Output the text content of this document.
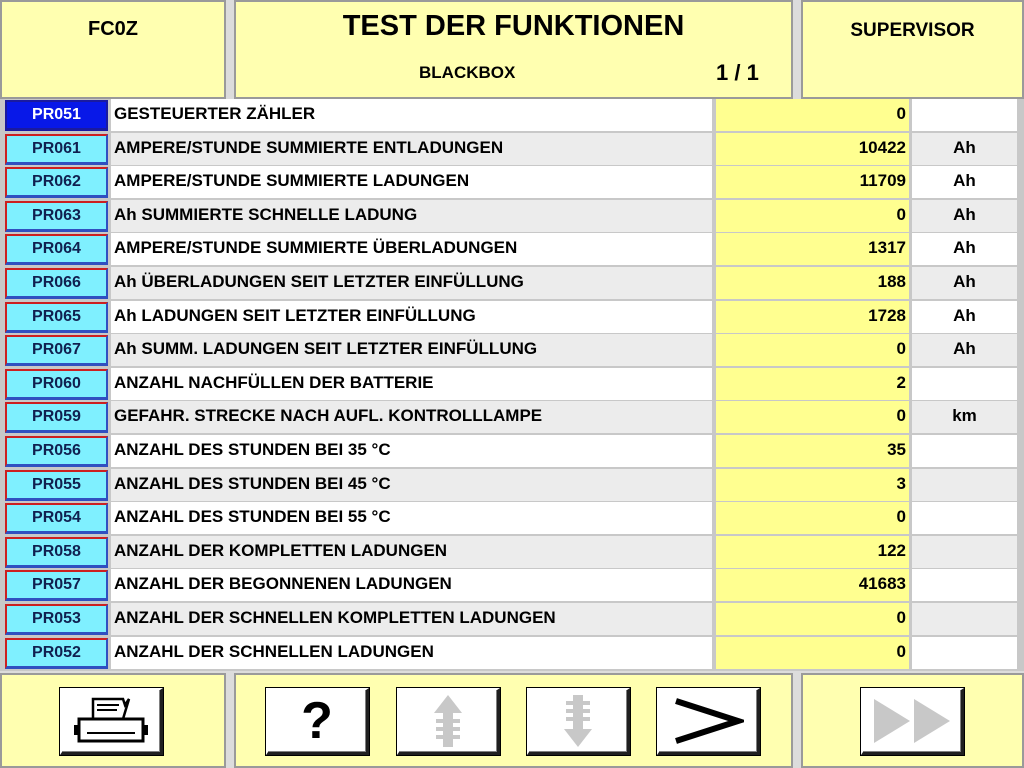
FC0Z	TEST DER FUNKTIONEN
BLACKBOX	1 / 1
SUPERVISOR
PR051	GESTEUERTER ZÄHLER	0
PR061	AMPERE/STUNDE SUMMIERTE ENTLADUNGEN	10422	Ah
PR062	AMPERE/STUNDE SUMMIERTE LADUNGEN	11709	Ah
PR063	Ah SUMMIERTE SCHNELLE LADUNG	0	Ah
PR064	AMPERE/STUNDE SUMMIERTE ÜBERLADUNGEN	1317	Ah
PR066	Ah ÜBERLADUNGEN SEIT LETZTER EINFÜLLUNG	188	Ah
PR065	Ah LADUNGEN SEIT LETZTER EINFÜLLUNG	1728	Ah
PR067	Ah SUMM. LADUNGEN SEIT LETZTER EINFÜLLUNG	0	Ah
PR060	ANZAHL NACHFÜLLEN DER BATTERIE	2
PR059	GEFAHR. STRECKE NACH AUFL. KONTROLLLAMPE	0	km
PR056	ANZAHL DES STUNDEN BEI 35 °C	35
PR055	ANZAHL DES STUNDEN BEI 45 °C	3
PR054	ANZAHL DES STUNDEN BEI 55 °C	0
PR058	ANZAHL DER KOMPLETTEN LADUNGEN	122
PR057	ANZAHL DER BEGONNENEN LADUNGEN	41683
PR053	ANZAHL DER SCHNELLEN KOMPLETTEN LADUNGEN	0
PR052	ANZAHL DER SCHNELLEN LADUNGEN	0
?
